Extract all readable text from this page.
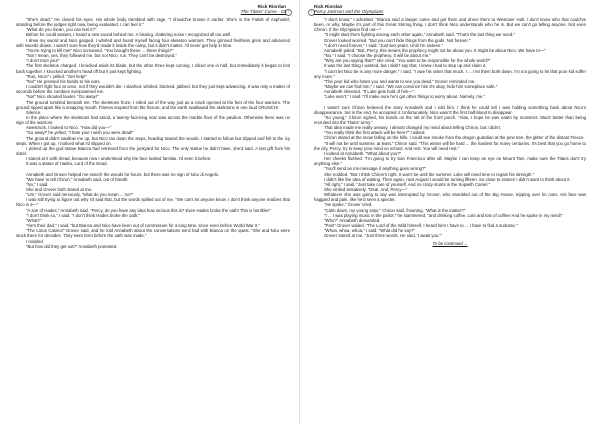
‹	›
Rick Riordan
The Titans' Curse - 03

"She's dead." He closed his eyes. His whole body trembled with rage. "I should've known it earlier. She's in the Fields of Asphodel, standing before the judges right now, being evaluated. I can feel it."

"What do you mean, you can feel it?"

Before he could answer, I heard a new sound behind me. A hissing, clattering noise I recognized all too well.

I drew my sword and Nico gasped. I whirled and found myself facing four skeleton warriors. They grinned fleshless grins and advanced with swords drawn. I wasn't sure how they'd made it inside the camp, but it didn't matter. I'd never get help in time.

"You're trying to kill me!" Nico screamed. "You brought these ... these things?"

"No! I mean, yes, they followed me, but no! Nico, run. They can't be destroyed."

"I don't trust you!"

The first skeleton charged. I knocked aside its blade, but the other three kept coming. I sliced one in half, but immediately it began to knit back together. I knocked another's head off but it just kept fighting.

"Run, Nico!" I yelled. "Get help!"

"No!" He pressed his hands to his ears.

I couldn't fight four at once, not if they wouldn't die. I slashed, whirled, blocked, jabbed, but they just kept advancing. It was only a matter of seconds before the zombies overpowered me.

"No!" Nico shouted louder. "Go away!"

The ground rumbled beneath me. The skeletons froze. I rolled out of the way just as a crack opened at the feet of the four warriors. The ground ripped apart like a snapping mouth. Flames erupted from the fissure, and the earth swallowed the skeletons in one loud CRUNCH!

Silence.

In the place where the skeletons had stood, a twenty-foot-long scar was across the marble floor of the pavilion. Otherwise there was no sign of the warriors.

Awestruck, I looked to Nico. "How did you—"

"Go away!" he yelled. "I hate you! I wish you were dead!"

The ground didn't swallow me up, but Nico ran down the steps, heading toward the woods. I started to follow but slipped and fell to the icy steps. When I got up, I noticed what I'd slipped on.

I picked up the god statue Bianca had retrieved from the junkyard for Nico. The only statue he didn't have, she'd said. A last gift from his sister.

I stared at it with dread, because now I understood why the face looked familiar. I'd seen it before.

It was a statue of Hades, Lord of the Dead.

Annabeth and Grover helped me search the woods for hours, but there was no sign of Nico di Angelo.

"We have to tell Chiron," Annabeth said, out of breath.

"No," I said.

She and Grover both stared at me.

"Um," Grover said nervously, "what do you mean ... no?"

I was still trying to figure out why I'd said that, but the words spilled out of me. "We can't let anyone know. I don't think anyone realizes that Nico is a—"

"A son of Hades," Annabeth said. "Percy, do you have any idea how serious this is? Even Hades broke the oath! This is horrible!"

"I don't think so," I said. "I don't think Hades broke the oath."

"What?"

"He's their dad," I said, "but Bianca and Nico have been out of commission for a long time, since even before World War II."

"The Lotus Casino!" Grover said, and he told Annabeth about the conversations we'd had with Bianca on the quest. "She and Nico were stuck there for decades. They were born before the oath was made."

I nodded.

"But how did they get out?" Annabeth protested.

Rick Riordan
Percy Jackson and the Olympians

"I don't know," I admitted. "Bianca said a lawyer came and got them and drove them to Westover Hall. I don't know who that could've been, or why. Maybe it's part of this Great Stirring thing. I don't think Nico understands who he is. But we can't go telling anyone. Not even Chiron. If the Olympians find out—"

"It might start them fighting among each other again," Annabeth said. "That's the last thing we need."

Grover looked worried. "But you can't hide things from the gods. Not forever."

"I don't need forever," I said. "Just two years. Until I'm sixteen."

Annabeth paled. "But, Percy, this means the prophecy might not be about you. It might be about Nico. We have to—"

"No," I said. "I choose the prophecy. It will be about me."

"Why are you saying that?" she cried. "You want to be responsible for the whole world?"

It was the last thing I wanted, but I didn't say that. I knew I had to step up and claim it.

"I can't let Nico be in any more danger," I said. "I owe his sister that much. I ... I let them both down. I'm not going to let that poor kid suffer any more."

"The poor kid who hates you and wants to see you dead," Grover reminded me.

"Maybe we can find him," I said. "We can convince him it's okay, hide him someplace safe."

Annabeth shivered. "If Luke gets hold of him—"

"Luke won't," I said. "I'll make sure he's got other things to worry about. Namely, me."

I wasn't sure Chiron believed the story Annabeth and I told him. I think he could tell I was holding something back about Nico's disappearance, but in the end, he accepted it. Unfortunately, Nico wasn't the first half-blood to disappear.

"So young," Chiron sighed, his hands on the rail of the front porch. "Alas, I hope he was eaten by monsters. Much better than being recruited into the Titans' army."

That idea made me really uneasy. I almost changed my mind about telling Chiron, but I didn't.

"You really think the first attack will be here?" I asked.

Chiron stared at the snow falling on the hills. I could see smoke from the dragon guardian at the pine tree, the glitter of the distant Fleece.

"It will not be until summer, at least," Chiron said. "This winter will be hard ... the hardest for many centuries. It's best that you go home to the city, Percy, try to keep your mind on school. And rest. You will need rest."

I looked at Annabeth. "What about you?"

Her cheeks flushed. "I'm going to try San Francisco after all. Maybe I can keep an eye on Mount Tam, make sure the Titans don't try anything else."

"You'll send an Iris-message if anything goes wrong?"

She nodded. "But I think Chiron's right. It won't be until the summer. Luke will need time to regain his strength."

I didn't like the idea of waiting. Then again, next August I would be turning fifteen. So close to sixteen I didn't want to think about it.

"All right," I said. "Just take care of yourself. And no crazy stunts in the Sopwith Camel."

She smiled tentatively. "Deal. And, Percy—"

Whatever she was going to say was interrupted by Grover, who stumbled out of the Big House, tripping over tin cans. His face was haggard and pale, like he'd seen a specter.

"He spoke," Grover cried.

"Calm down, my young satyr," Chiron said, frowning. "What is the matter?"

"I ... I was playing music in the parlor," he stammered, "and drinking coffee. Lots and lots of coffee! And he spoke in my mind!"

"Who?" Annabeth demanded.

"Pan!" Grover wailed. "The Lord of the Wild himself. I heard him! I have to ... I have to find a suitcase."

"Whoa, whoa, whoa," I said. "What did he say?"

Grover stared at me. "Just three words. He said, 'I await you.'"

To be continued ...
